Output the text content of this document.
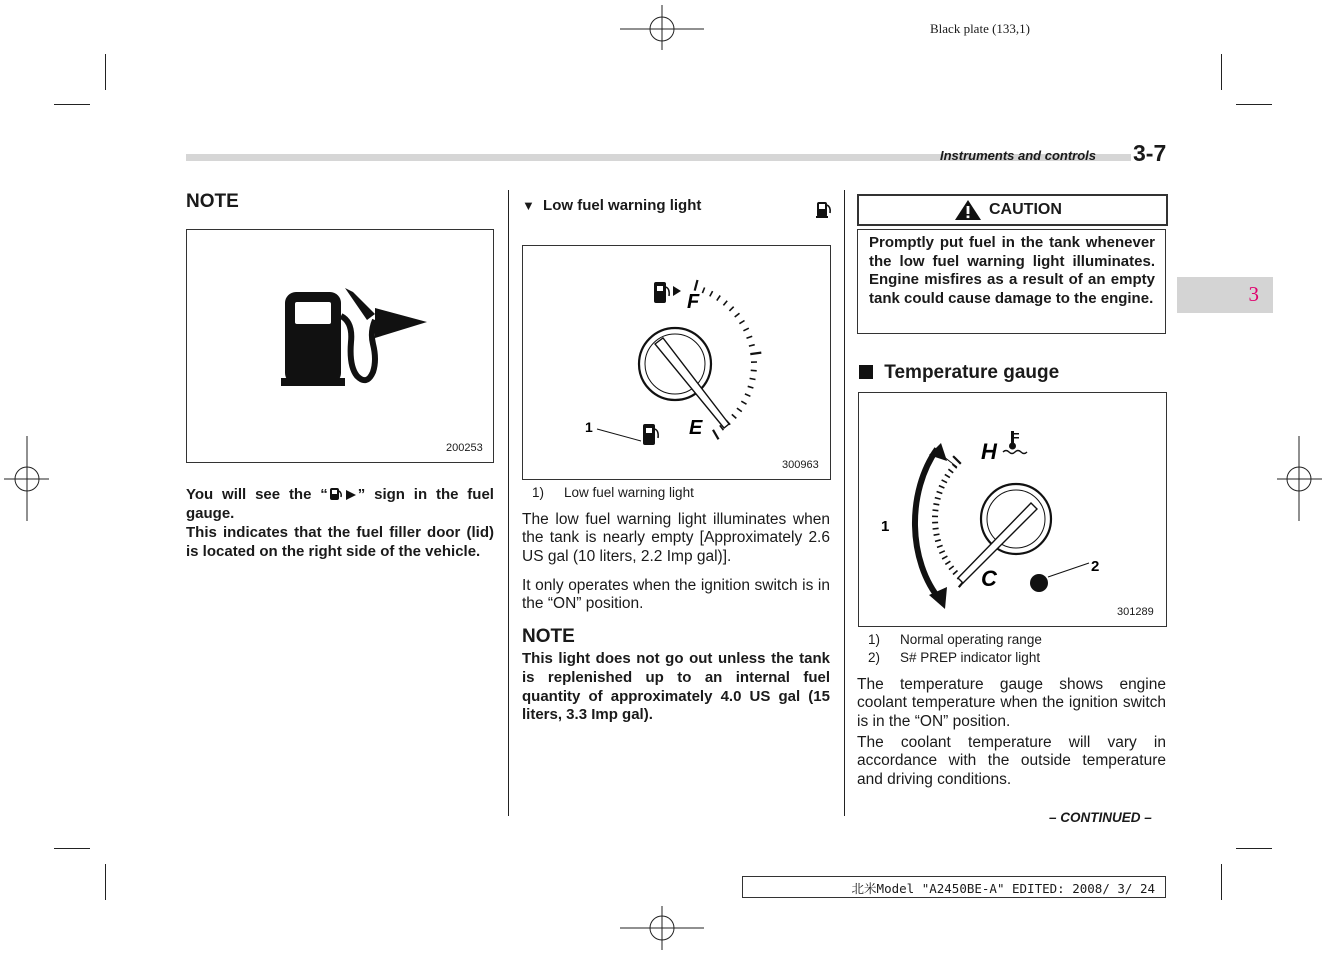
Black plate (133,1)
Instruments and controls 3-7
3
NOTE
200253
You will see the “ ” sign in the fuel gauge.
This indicates that the fuel filler door (lid) is located on the right side of the vehicle.
▼ Low fuel warning light
F
E
1
300963
1) Low fuel warning light
The low fuel warning light illuminates when the tank is nearly empty [Approximately 2.6 US gal (10 liters, 2.2 Imp gal)].
It only operates when the ignition switch is in the “ON” position.
NOTE
This light does not go out unless the tank is replenished up to an internal fuel quantity of approximately 4.0 US gal (15 liters, 3.3 Imp gal).
CAUTION
Promptly put fuel in the tank whenever the low fuel warning light illuminates. Engine misfires as a result of an empty tank could cause damage to the engine.
Temperature gauge
H
C
1
2
301289
1) Normal operating range
2) S# PREP indicator light
The temperature gauge shows engine coolant temperature when the ignition switch is in the “ON” position.
The coolant temperature will vary in accordance with the outside temperature and driving conditions.
– CONTINUED –
北米Model "A2450BE-A" EDITED: 2008/ 3/ 24
